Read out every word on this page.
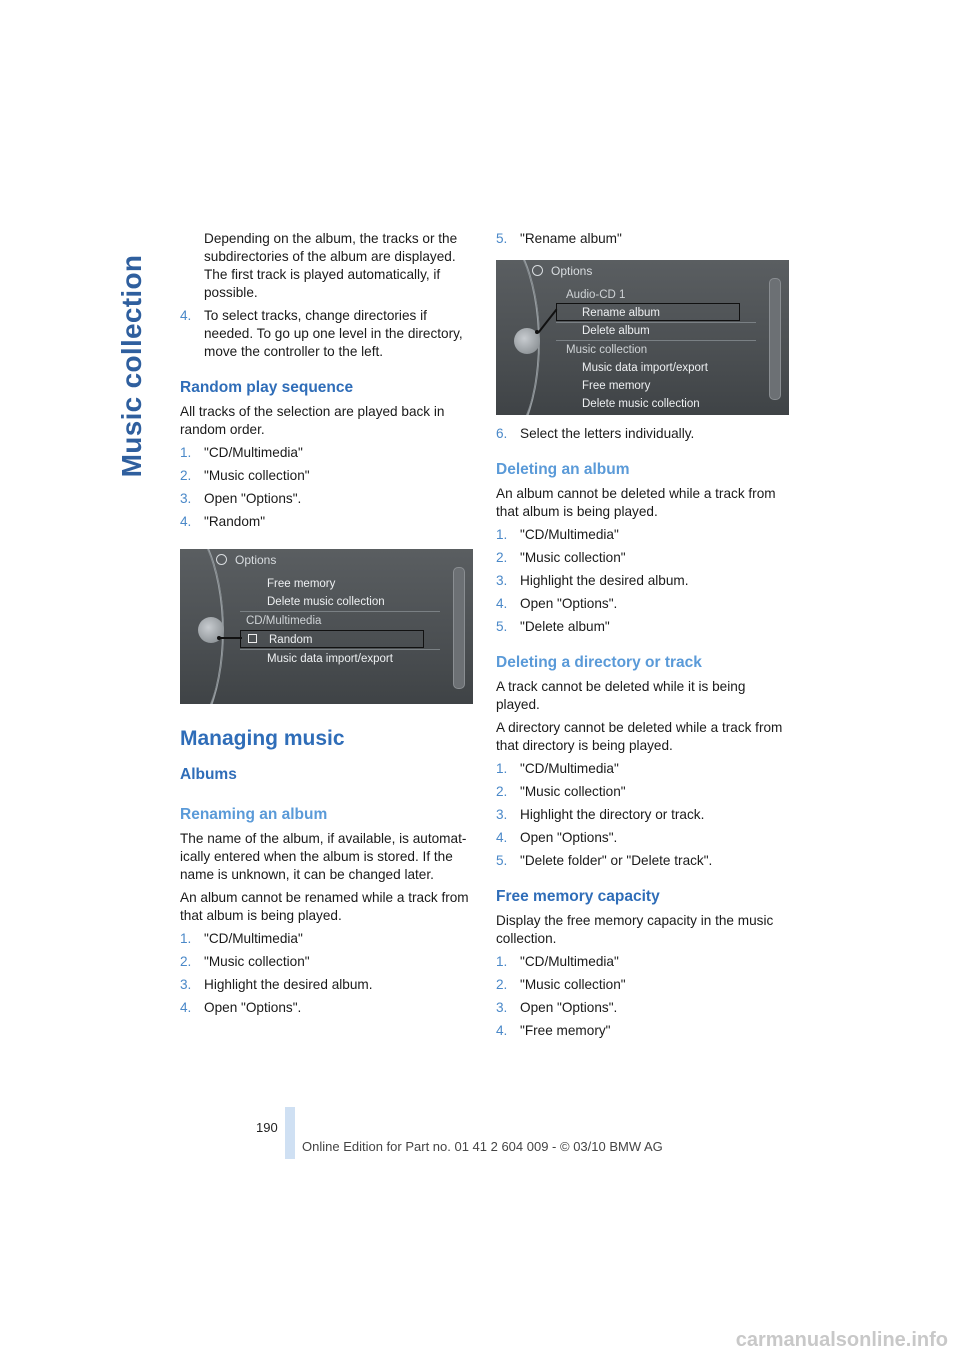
Music collection

Depending on the album, the tracks or the subdirectories of the album are displayed. The first track is played automatically, if possible.

4. To select tracks, change directories if needed. To go up one level in the directory, move the controller to the left.
Random play sequence

All tracks of the selection are played back in random order.

1. "CD/Multimedia"
2. "Music collection"
3. Open "Options".
4. "Random"
Options
Free memory
Delete music collection
CD/Multimedia
Random
Music data import/export
Managing music
Albums
Renaming an album

The name of the album, if available, is automat-ically entered when the album is stored. If the name is unknown, it can be changed later.

An album cannot be renamed while a track from that album is being played.

1. "CD/Multimedia"
2. "Music collection"
3. Highlight the desired album.
4. Open "Options".
5. "Rename album"
Options
Audio-CD 1
Rename album
Delete album
Music collection
Music data import/export
Free memory
Delete music collection
6. Select the letters individually.
Deleting an album

An album cannot be deleted while a track from that album is being played.

1. "CD/Multimedia"
2. "Music collection"
3. Highlight the desired album.
4. Open "Options".
5. "Delete album"
Deleting a directory or track

A track cannot be deleted while it is being played.

A directory cannot be deleted while a track from that directory is being played.

1. "CD/Multimedia"
2. "Music collection"
3. Highlight the directory or track.
4. Open "Options".
5. "Delete folder" or "Delete track".
Free memory capacity

Display the free memory capacity in the music collection.

1. "CD/Multimedia"
2. "Music collection"
3. Open "Options".
4. "Free memory"
190
Online Edition for Part no. 01 41 2 604 009 - © 03/10 BMW AG
carmanualsonline.info
